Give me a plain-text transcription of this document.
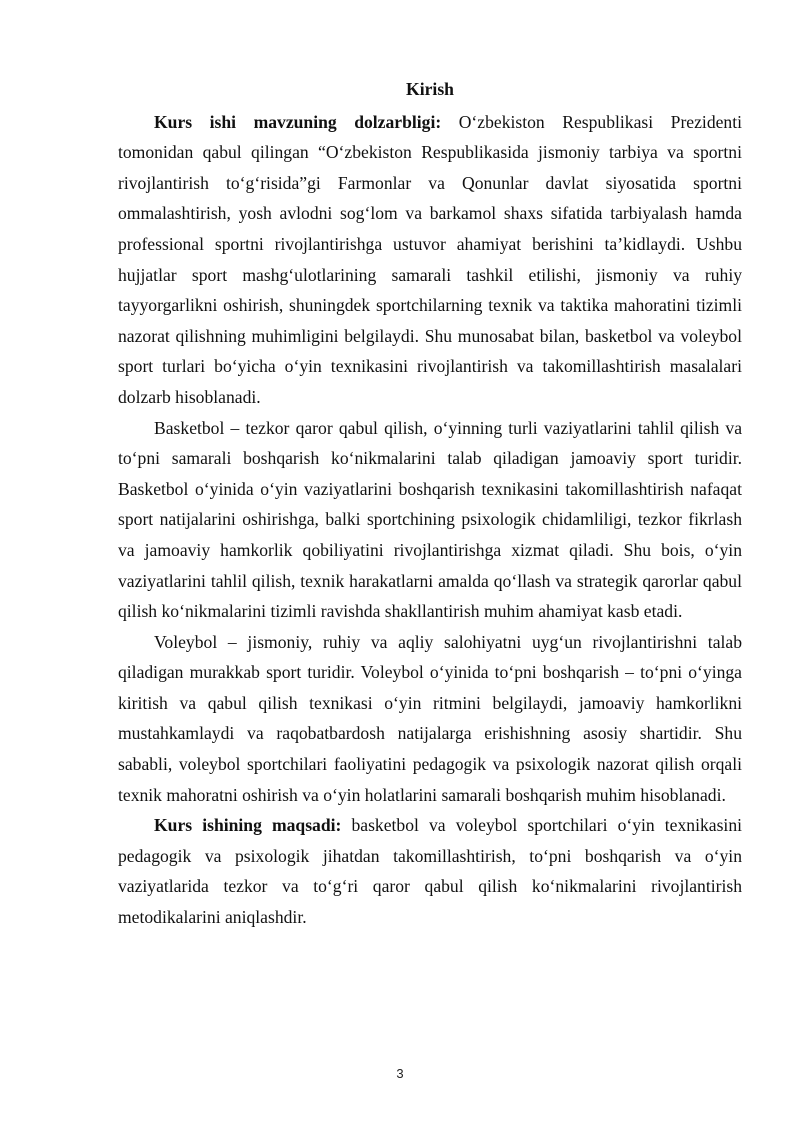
Kirish

Kurs ishi mavzuning dolzarbligi: O‘zbekiston Respublikasi Prezidenti tomonidan qabul qilingan “O‘zbekiston Respublikasida jismoniy tarbiya va sportni rivojlantirish to‘g‘risida”gi Farmonlar va Qonunlar davlat siyosatida sportni ommalashtirish, yosh avlodni sog‘lom va barkamol shaxs sifatida tarbiyalash hamda professional sportni rivojlantirishga ustuvor ahamiyat berishini ta’kidlaydi. Ushbu hujjatlar sport mashg‘ulotlarining samarali tashkil etilishi, jismoniy va ruhiy tayyorgarlikni oshirish, shuningdek sportchilarning texnik va taktika mahoratini tizimli nazorat qilishning muhimligini belgilaydi. Shu munosabat bilan, basketbol va voleybol sport turlari bo‘yicha o‘yin texnikasini rivojlantirish va takomillashtirish masalalari dolzarb hisoblanadi.

Basketbol – tezkor qaror qabul qilish, o‘yinning turli vaziyatlarini tahlil qilish va to‘pni samarali boshqarish ko‘nikmalarini talab qiladigan jamoaviy sport turidir. Basketbol o‘yinida o‘yin vaziyatlarini boshqarish texnikasini takomillashtirish nafaqat sport natijalarini oshirishga, balki sportchining psixologik chidamliligi, tezkor fikrlash va jamoaviy hamkorlik qobiliyatini rivojlantirishga xizmat qiladi. Shu bois, o‘yin vaziyatlarini tahlil qilish, texnik harakatlarni amalda qo‘llash va strategik qarorlar qabul qilish ko‘nikmalarini tizimli ravishda shakllantirish muhim ahamiyat kasb etadi.

Voleybol – jismoniy, ruhiy va aqliy salohiyatni uyg‘un rivojlantirishni talab qiladigan murakkab sport turidir. Voleybol o‘yinida to‘pni boshqarish – to‘pni o‘yinga kiritish va qabul qilish texnikasi o‘yin ritmini belgilaydi, jamoaviy hamkorlikni mustahkamlaydi va raqobatbardosh natijalarga erishishning asosiy shartidir. Shu sababli, voleybol sportchilari faoliyatini pedagogik va psixologik nazorat qilish orqali texnik mahoratni oshirish va o‘yin holatlarini samarali boshqarish muhim hisoblanadi.

Kurs ishining maqsadi: basketbol va voleybol sportchilari o‘yin texnikasini pedagogik va psixologik jihatdan takomillashtirish, to‘pni boshqarish va o‘yin vaziyatlarida tezkor va to‘g‘ri qaror qabul qilish ko‘nikmalarini rivojlantirish metodikalarini aniqlashdir.

3
